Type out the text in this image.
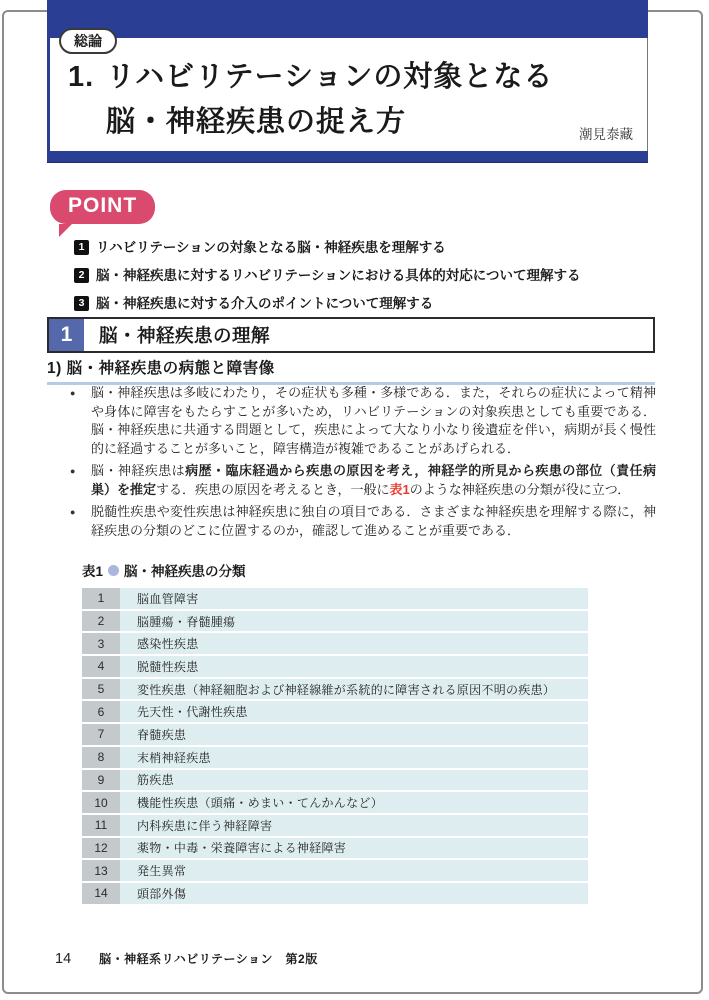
総論
1. リハビリテーションの対象となる
脳・神経疾患の捉え方	潮見泰藏
POINT
1 リハビリテーションの対象となる脳・神経疾患を理解する
2 脳・神経疾患に対するリハビリテーションにおける具体的対応について理解する
3 脳・神経疾患に対する介入のポイントについて理解する
1	脳・神経疾患の理解
1) 脳・神経疾患の病態と障害像
●	脳・神経疾患は多岐にわたり，その症状も多種・多様である．また，それらの症状によって精神や身体に障害をもたらすことが多いため，リハビリテーションの対象疾患としても重要である．脳・神経疾患に共通する問題として，疾患によって大なり小なり後遺症を伴い，病期が長く慢性的に経過することが多いこと，障害構造が複雑であることがあげられる．

●	脳・神経疾患は病歴・臨床経過から疾患の原因を考え，神経学的所見から疾患の部位（責任病巣）を推定する．疾患の原因を考えるとき，一般に表1のような神経疾患の分類が役に立つ．

●	脱髄性疾患や変性疾患は神経疾患に独自の項目である．さまざまな神経疾患を理解する際に，神経疾患の分類のどこに位置するのか，確認して進めることが重要である．

表1 脳・神経疾患の分類
1	脳血管障害
2	脳腫瘍・脊髄腫瘍
3	感染性疾患
4	脱髄性疾患
5	変性疾患（神経細胞および神経線維が系統的に障害される原因不明の疾患）
6	先天性・代謝性疾患
7	脊髄疾患
8	末梢神経疾患
9	筋疾患
10	機能性疾患（頭痛・めまい・てんかんなど）
11	内科疾患に伴う神経障害
12	薬物・中毒・栄養障害による神経障害
13	発生異常
14	頭部外傷
14 脳・神経系リハビリテーション　第2版
